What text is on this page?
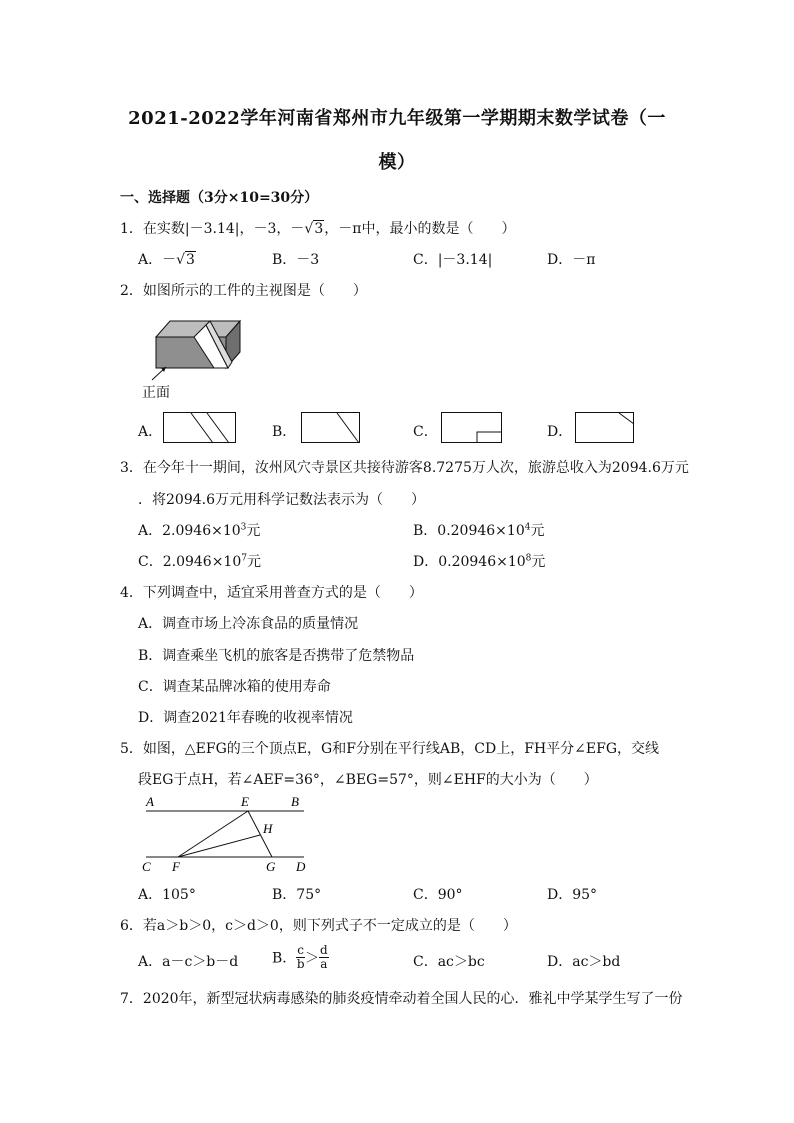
2021-2022学年河南省郑州市九年级第一学期期末数学试卷（一
模）
一、选择题（3分×10=30分）
1．在实数|－3.14|，－3，－√3，－π中，最小的数是（　　）
A．－√3	B．－3	C．|－3.14|	D．－π
2．如图所示的工件的主视图是（　　）
正面
A．	B．	C．	D．
3．在今年十一期间，汝州风穴寺景区共接待游客8.7275万人次，旅游总收入为2094.6万元
．将2094.6万元用科学记数法表示为（　　）
A．$2.0946\times 10^3$元	B．$0.20946\times 10^4$元
C．$2.0946\times 10^7$元	D．$0.20946\times 10^8$元
4．下列调查中，适宜采用普查方式的是（　　）
A．调查市场上冷冻食品的质量情况
B．调查乘坐飞机的旅客是否携带了危禁物品
C．调查某品牌冰箱的使用寿命
D．调查2021年春晚的收视率情况
5．如图，△EFG的三个顶点E，G和F分别在平行线AB，CD上，FH平分∠EFG，交线
段EG于点H，若∠AEF=36°，∠BEG=57°，则∠EHF的大小为（　　）
A	E	B
H
C F	G D
A．105°	B．75°	C．90°	D．95°
6．若a＞b＞0，c＞d＞0，则下列式子不一定成立的是（　　）
A．a－c＞b－d B． $\frac{c}{b} > \frac{d}{a}$	C．ac＞bc	D．ac＞bd
7．2020年，新型冠状病毒感染的肺炎疫情牵动着全国人民的心．雅礼中学某学生写了一份
